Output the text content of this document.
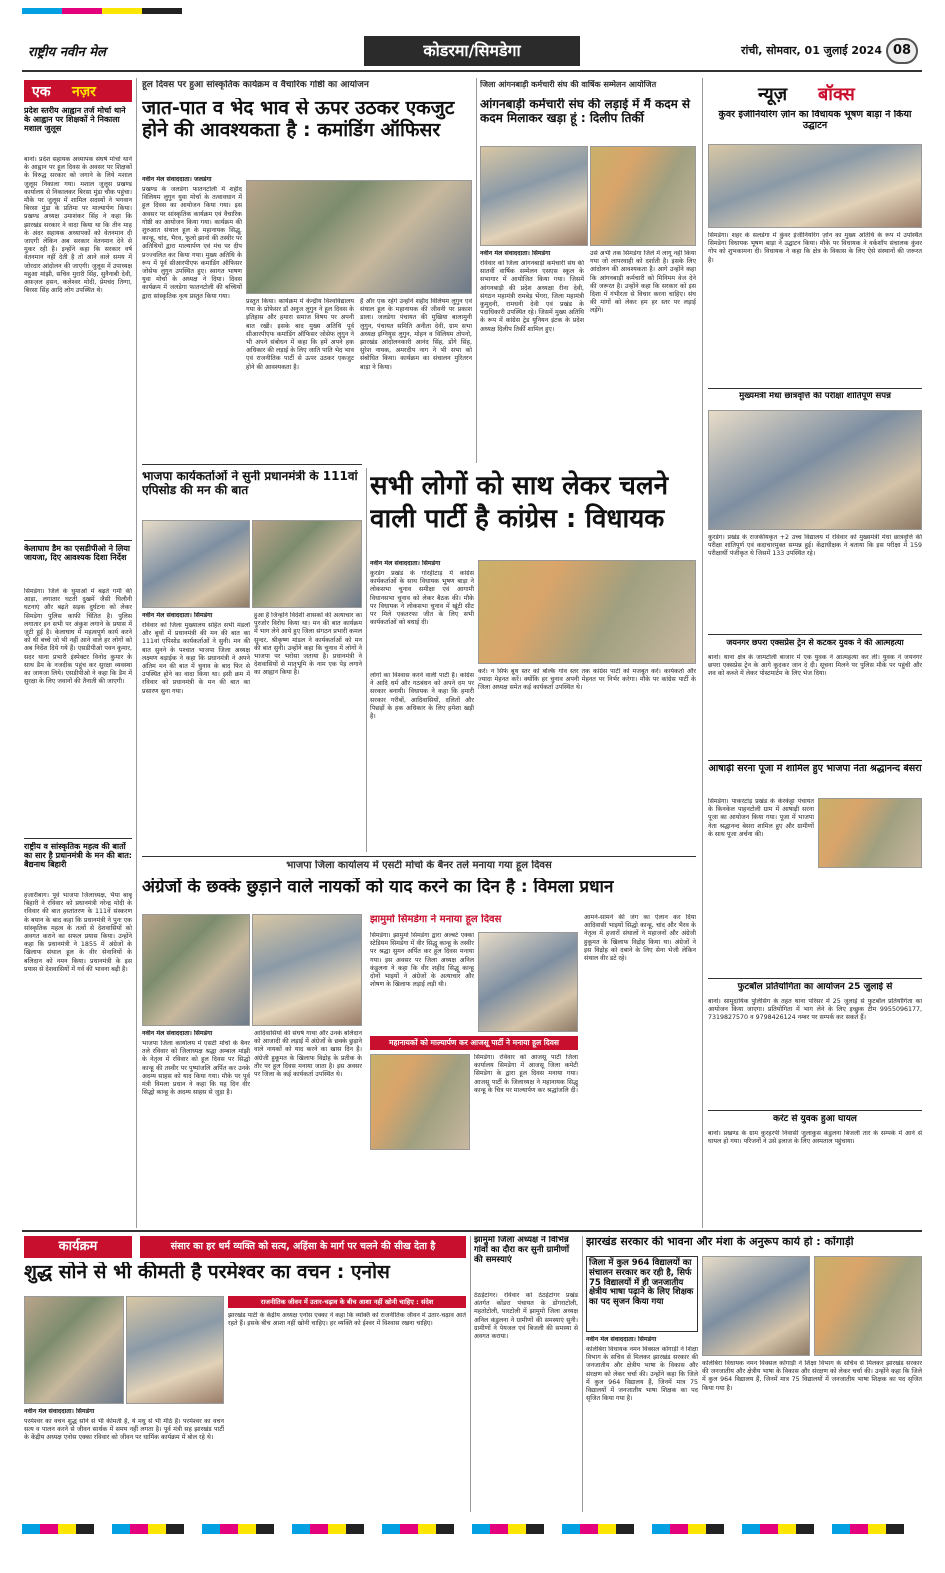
राष्ट्रीय नवीन मेल	कोडरमा/सिमडेगा	रांची, सोमवार, 01 जुलाई 2024 08
एक नज़र
प्रदेश स्तरीय आह्वान तर्ज मोर्चा थाने के आह्वान पर शिक्षकों ने निकाला मशाल जुलूस
बानो। प्रदेश सहायक अध्यापक संघर्ष मोर्चा थाने के आह्वान पर हूल दिवस के अवसर पर शिक्षकों के विरुद्ध सरकार को जगाने के लिये मशाल जुलूस निकाला गया। मशाल जुलूस प्रखण्ड कार्यालय से निकालकर बिरसा मुंडा चौक पहुंचा। मौके पर जुलूस में शामिल सदस्यों ने भगवान बिरसा मुंडा के प्रतिमा पर माल्यार्पण किया। प्रखण्ड अध्यक्ष उमाशंकर सिंह ने कहा कि झारखंड सरकार ने वादा किया था कि तीन माह के अंदर सहायक अध्यापकों को वेतनमान दी जाएगी लेकिन अब सरकार वेतनमान देने से मुकर रही है। इन्होंने कहा कि सरकार वर्ष वेतनमान नहीं देती है तो आने वाले समय में जोरदार आंदोलन की जाएगी। जुलूस में उपाध्यक्ष महुआ मांझी, सचिव मुरारी सिंह, सुनैनाबी देवी, अफ़ज़ल हसन, कलेश्वर मोदी, प्रेमचंद तिग्गा, बिरसा सिंह आदि लोग उपस्थित थे।
केलाघाघ डैम का एसडीपीओ ने लिया जायजा, दिए आवश्यक दिशा निर्देश
सिमडेगा। जिले के घुमाओं में बढ़ते गर्मी की आड़ा, लगातार घटती दुखमें जैसी घिलौनी घटनाएं और बढ़ते सड़क दुर्घटना को लेकर सिमडेगा पुलिस काफी चिंतित है। पुलिस लगातार इन सभी पर अंकुश लगाने के प्रयास में जुटी हुई है। केलाघाघ में महत्वपूर्ण कार्य करने को थी बच्चे जो भी नहीं आने वाले हर लोगों को अब निर्देश दिये गये हैं। एसडीपीओ पवन कुमार, सदर थाना प्रभारी इंस्पेक्टर विनोद कुमार के साथ डैम के नजदीक पहुंच कर सुरक्षा व्यवस्था का जायजा लिये। एसडीपीओ ने कहा कि डैम में सुरक्षा के लिए जवानों की तैनाती की जाएगी।
राष्ट्रीय व सांस्कृतिक महत्व की बातों का सार है प्रधानमंत्री के मन की बात: बैद्यनाथ बिहारी
हजारीबाग। पूर्व भाजपा जिलाध्यक्ष, भैया बाबू बिहारी ने रविवार को प्रधानमंत्री नरेन्द्र मोदी के रविवार की बात हस्तांतरण के 111वें संस्करण के बयान के बाद कहा कि प्रधानमंत्री ने पुनः एक सांस्कृतिक महत्व के तत्वों से देशवासियों को अवगत कराने का सफल प्रयास किया। उन्होंने कहा कि प्रधानमंत्री ने 1855 में अंग्रेजों के खिलाफ संथाल हूल के वीर सेनानियों के बलिदान को नमन किया। प्रधानमंत्री के इस प्रयास से देशवासियों में गर्व की भावना बढ़ी है।
हूल दिवस पर हुआ सांस्कृतिक कार्यक्रम व वैचारिक गोष्ठी का आयोजन
जात-पात व भेद भाव से ऊपर उठकर एकजुट होने की आवश्यकता है : कमांडिंग ऑफिसर
नवीन मेल संवाददाता। जलडेगा
प्रखण्ड के जलडेगा फातनटोली में शहीद विलियम लुगुन युवा मोर्चा के तत्वावधान में हूल दिवस का आयोजन किया गया। इस अवसर पर सांस्कृतिक कार्यक्रम एवं वैचारिक गोष्ठी का आयोजन किया गया। कार्यक्रम की शुरुआत संथाल हूल के महानायक सिद्धू, कान्हू, चांद, भैरव, फूलो झानो की तस्वीर पर अतिथियों द्वारा माल्यार्पण एवं मंच पर दीप प्रज्ज्वलित कर किया गया। मुख्य अतिथि के रूप में पूर्व सीआरपीएफ कमांडिंग ऑफिसर जोसेफ लुगुन उपस्थित हुए। स्वागत भाषण युवा मोर्चा के अध्यक्ष ने दिया। दिवस कार्यक्रम में जलडेगा फातनटोली की बच्चियों द्वारा सांस्कृतिक नृत्य प्रस्तुत किया गया।
प्रस्तुत किया। कार्यक्रम में केन्द्रीय विश्वविद्यालय गया के प्रोफेसर डॉ अनुज लुगुन ने हूल दिवस के इतिहास और हमारा समाज विषय पर अपनी बात रखी। इसके बाद मुख्य अतिथि पूर्व सीआरपीएफ कमांडिंग ऑफिसर जोसेफ लुगुन ने भी अपने संबोधन में कहा कि हमें अपने हक अधिकार की लड़ाई के लिए जाति पाति भेद भाव एवं राजनीतिक पार्टी से ऊपर उठकर एकजुट होने की आवश्यकता है।
हैं और एक रहेंगे उन्होंने शहीद विलियम लुगुन एवं संथाल हूल के महानायक की जीवनी पर प्रकाश डाला। जलडेगा पंचायत की मुखिया बालामुनी लुगुन, पंचायत समिति अनीता देवी, ग्राम सभा अध्यक्ष इग्नियुस लुगुन, मोहन व विलियम तोपनो, झारखंड आंदोलनकारी आनंद सिंह, डोंगे सिंह, सुरेश नायक, अमरदीप नाग ने भी सभा को संबोधित किया। कार्यक्रम का संचालन मुरितरन बाड़ा ने किया।
जिला आंगनबाड़ी कर्मचारी संघ की वार्षिक सम्मेलन आयोजित
आंगनबाड़ी कर्मचारी संघ की लड़ाई में मैं कदम से कदम मिलाकर खड़ा हूं : दिलीप तिर्की
नवीन मेल संवाददाता। सिमडेगा
रविवार को जिला आंगनबाड़ी कर्मचारी संघ की सातवीं वार्षिक सम्मेलन एसएस स्कूल के सभागार में आयोजित किया गया। जिसमें आंगनबाड़ी की प्रदेश अध्यक्षा रीना देवी, संगठन महामंत्री रामबेड़ भेंगरा, जिला महामंत्री कुमुदनी, रामधनी देवी एवं प्रखंड के पदाधिकारी उपस्थित रहे। जिसमें मुख्य अतिथि के रूप में कांग्रेस ट्रेड यूनियन इंटक के प्रदेश अध्यक्ष दिलीप तिर्की शामिल हुए।
उसे अभी तक सिमडेगा जिले में लागू नहीं किया गया जो लापरवाही को दर्शाती है। इसके लिए आंदोलन की आवश्यकता है। आगे उन्होंने कहा कि आंगनबाड़ी कर्मचारी को मिनिमम वेज देने की जरूरत है। उन्होंने कहा कि सरकार को इस दिशा में गंभीरता से विचार करना चाहिए। संघ की मांगों को लेकर हम हर स्तर पर लड़ाई लड़ेंगे।
भाजपा कार्यकर्ताओं ने सुनी प्रधानमंत्री के 111वां एपिसोड की मन की बात
नवीन मेल संवाददाता। सिमडेगा
रविवार को जिला मुख्यालय सहित सभी मंडलों और बूथों में प्रधानमंत्री की मन की बात का 111वां एपिसोड कार्यकर्ताओं ने सुनी। मन की बात सुनने के पश्चात भाजपा जिला अध्यक्ष लक्ष्मण बड़ाईक ने कहा कि प्रधानमंत्री ने अपने अंतिम मन की बात में चुनाव के बाद फिर से उपस्थित होने का वादा किया था। इसी क्रम में रविवार को प्रधानमंत्री के मन की बात का प्रसारण सुना गया।
हुआ है जिन्होंने विदेशी शासकों की अत्याचार का पुरजोर विरोध किया था। मन की बात कार्यक्रम में भाग लेने आये हुए जिला संगठन प्रभारी कमल सुन्दर, श्रीकृष्ण मांडल ने कार्यकर्ताओं को मन की बात सुनी। उन्होंने कहा कि चुनाव में लोगों ने भाजपा पर भरोसा जताया है। प्रधानमंत्री ने देशवासियों से मातृभूमि के नाम एक पेड़ लगाने का आह्वान किया है।
सभी लोगों को साथ लेकर चलने वाली पार्टी है कांग्रेस : विधायक
नवीन मेल संवाददाता। सिमडेगा
कुरडेग प्रखंड के गोरहीटाड़ में कांग्रेस कार्यकर्ताओं के साथ विधायक भूषण बाड़ा ने लोकसभा चुनाव समीक्षा एवं आगामी विधानसभा चुनाव को लेकर बैठक की। मौके पर विधायक ने लोकसभा चुनाव में खूंटी सीट पर मिले एकतरफा जीत के लिए सभी कार्यकर्ताओं को बधाई दी।
लोगों का विश्वास करने वाली पार्टी है। कांग्रेस ने आदि धर्म और गठबंधन को अपने दम पर सरकार बनायी। विधायक ने कहा कि हमारी सरकार गरीबों, आदिवासियों, दलितों और पिछड़ों के हक अधिकार के लिए हमेशा खड़ी है।
करें। न सिर्फ बूथ स्तर को बल्कि गांव स्तर तक कांग्रेस पार्टी को मजबूत करें। कार्यकर्ता और ज्यादा मेहनत करें। क्योंकि हर चुनाव अपनी मेहनत पर निर्भर करेगा। मौके पर कांग्रेस पार्टी के जिला अध्यक्ष समेत कई कार्यकर्ता उपस्थित थे।
भाजपा जिला कार्यालय में एसटी मोर्चा के बैनर तले मनाया गया हूल दिवस
अंग्रेजों के छक्के छुड़ाने वाले नायकों को याद करने का दिन है : विमला प्रधान
नवीन मेल संवाददाता। सिमडेगा
भाजपा जिला कार्यालय में एसटी मोर्चा के बैनर तले रविवार को जिलाध्यक्ष श्रद्धा अम्बाल मांझी के नेतृत्व में रविवार को हूल दिवस पर सिद्धो कान्हू की तस्वीर पर पुष्पांजलि अर्पित कर उनके अदम्य साहस को याद किया गया। मौके पर पूर्व मंत्री विमला प्रधान ने कहा कि यह दिन वीर सिद्धो कान्हू के अदम्य साहस से जुड़ा है।
आदिवासियों की संघर्ष गाथा और उनके बलिदान को आजादी की लड़ाई में अंग्रेजों के छक्के छुड़ाने वाले नायकों को याद करने का खास दिन है। अंग्रेजी हुकूमत के खिलाफ विद्रोह के प्रतीक के तौर पर हूल दिवस मनाया जाता है। इस अवसर पर जिला के कई कार्यकर्ता उपस्थित थे।
झामुमो सिमडेगा ने मनाया हूल दिवस
सिमडेगा। झामुमो सिमडेगा द्वारा अल्बर्ट एक्का स्टेडियम सिमडेगा में वीर सिद्धू कान्हू के तस्वीर पर श्रद्धा सुमन अर्पित कर हूल दिवस मनाया गया। इस अवसर पर जिला अध्यक्ष अनिल कंडुलना ने कहा कि वीर शहीद सिद्धू कान्हू दोनों भाइयों ने अंग्रेजों के अत्याचार और शोषण के खिलाफ लड़ाई लड़ी थी।
महानायकों को माल्यार्पण कर आजसू पार्टी ने मनाया हूल दिवस
सिमडेगा। रविवार को आजसू पार्टी जिला कार्यालय सिमडेगा में आजसू जिला कमेटी सिमडेगा के द्वारा हूल दिवस मनाया गया। आजसू पार्टी के जिलाध्यक्ष ने महानायक सिद्धू कान्हू के चित्र पर माल्यार्पण कर श्रद्धांजलि दी।
आमने-सामने की जंग का ऐलान कर दिया आदिवासी भाइयों सिद्धो कान्हू, चांद और भैरव के नेतृत्व में हजारों संथालों ने महाजनों और अंग्रेजी हुकूमत के खिलाफ विद्रोह किया था। अंग्रेजों ने इस विद्रोह को दबाने के लिए सेना भेजी लेकिन संथाल वीर डटे रहे।
न्यूज़ बॉक्स
कुंवर इंजीनियरिंग ज़ोन का विधायक भूषण बाड़ा ने किया उद्घाटन
सिमडेगा। शहर के सलडेगा में कुंवर इंजीनियरिंग ज़ोन का मुख्य अतिथि के रूप में उपस्थित सिमडेगा विधायक भूषण बाड़ा ने उद्घाटन किया। मौके पर विधायक ने वर्कशॉप संचालक कुंवर गोप को शुभकामना दी। विधायक ने कहा कि क्षेत्र के विकास के लिए ऐसे संस्थानों की जरूरत है।
मुख्यमंत्री मेधा छात्रवृत्ति की परीक्षा शांतिपूर्ण संपन्न
कुरडेग। प्रखंड के राजकीयकृत +2 उच्च विद्यालय में रविवार को मुख्यमंत्री मेधा छात्रवृत्ति की परीक्षा शांतिपूर्ण एवं कदाचारमुक्त सम्पन्न हुई। केंद्राधीक्षक ने बताया कि इस परीक्षा में 159 परीक्षार्थी पंजीकृत थे जिसमें 133 उपस्थित रहे।
जयनगर छपरा एक्सप्रेस ट्रेन से कटकर युवक ने की आत्महत्या
बानो। थाना क्षेत्र के जामटोली बाजार में एक युवक ने आत्महत्या कर ली। युवक ने जयनगर छपरा एक्सप्रेस ट्रेन के आगे कूदकर जान दे दी। सूचना मिलने पर पुलिस मौके पर पहुंची और शव को कब्जे में लेकर पोस्टमार्टम के लिए भेज दिया।
आषाढ़ी सरना पूजा में शामिल हुए भाजपा नेता श्रद्धानन्द बेसरा
सिमडेगा। पाकरटांड़ प्रखंड के केरकेट्टा पंचायत के किनकेल पाहनटोली ग्राम में आषाढ़ी सरना पूजा का आयोजन किया गया। पूजा में भाजपा नेता श्रद्धानन्द बेसरा शामिल हुए और ग्रामीणों के साथ पूजा अर्चना की।
फुटबॉल प्रतियोगिता का आयोजन 25 जुलाई से
बानो। सामुदायिक पुलिसिंग के तहत थाना परिसर में 25 जुलाई से फुटबॉल प्रतियोगिता का आयोजन किया जाएगा। प्रतियोगिता में भाग लेने के लिए इच्छुक टीम 9955096177, 7319827570 व 9798426124 नम्बर पर सम्पर्क कर सकते हैं।
करंट से युवक हुआ घायल
बानो। प्रखण्ड के ग्राम कुरहरपी निवासी जुलाकुस कंडुलना बिजली तार के सम्पर्क में आने से घायल हो गया। परिजनों ने उसे इलाज के लिए अस्पताल पहुंचाया।
कार्यक्रम	संसार का हर धर्म व्यक्ति को सत्य, अहिंसा के मार्ग पर चलने की सीख देता है
शुद्ध सोने से भी कीमती है परमेश्वर का वचन : एनोस
नवीन मेल संवाददाता। सिमडेगा
परमेश्वर का वचन शुद्ध सोने से भी कीमती है, ये मधु से भी मीठे हैं। परमेश्वर का वचन सत्य व पालन करने से जीवन सार्थक में समय नहीं लगता है। पूर्व मंत्री सह झारखंड पार्टी के केंद्रीय अध्यक्ष एनोस एक्का रविवार को जीवन पर धार्मिक कार्यक्रम में बोल रहे थे।
राजनीतिक जीवन में उतार-चढ़ाव के बीच आशा नहीं खोनी चाहिए : संदेश
झारखंड पार्टी के केंद्रीय अध्यक्ष एनोस एक्का ने कहा कि व्यक्ति को राजनीतिक जीवन में उतार-चढ़ाव आते रहते हैं। इसके बीच आशा नहीं खोनी चाहिए। हर व्यक्ति को ईश्वर में विश्वास रखना चाहिए।
झामुमो जिला अध्यक्ष ने विभिन्न गांवों का दौरा कर सुनी ग्रामीणों की समस्याएं
ठेठईटांगर। रविवार को ठेठईटांगर प्रखंड अंतर्गत कोंडरा पंचायत के डोंगराटोली, महतोटोली, पारटोली में झामुमो जिला अध्यक्ष अनिल कंडुलना ने ग्रामीणों की समस्याएं सुनी। ग्रामीणों ने पेयजल एवं बिजली की समस्या से अवगत कराया।
झारखंड सरकार की भावना और मंशा के अनुरूप कार्य हो : कोंगाड़ी
जिला में कुल 964 विद्यालयों का संचालन सरकार कर रही है, सिर्फ 75 विद्यालयों में ही जनजातीय क्षेत्रीय भाषा पढ़ाने के लिए शिक्षक का पद सृजन किया गया
नवीन मेल संवाददाता। सिमडेगा
कोलेबिरा विधायक नमन विक्सल कोंगाड़ी ने शिक्षा विभाग के सचिव से मिलकर झारखंड सरकार की जनजातीय और क्षेत्रीय भाषा के विकास और संरक्षण को लेकर चर्चा की। उन्होंने कहा कि जिले में कुल 964 विद्यालय हैं, जिनमें मात्र 75 विद्यालयों में जनजातीय भाषा शिक्षक का पद सृजित किया गया है।
कोलेबिरा विधायक नमन विक्सल कोंगाड़ी ने शिक्षा विभाग के सचिव से मिलकर झारखंड सरकार की जनजातीय और क्षेत्रीय भाषा के विकास और संरक्षण को लेकर चर्चा की। उन्होंने कहा कि जिले में कुल 964 विद्यालय हैं, जिनमें मात्र 75 विद्यालयों में जनजातीय भाषा शिक्षक का पद सृजित किया गया है।
